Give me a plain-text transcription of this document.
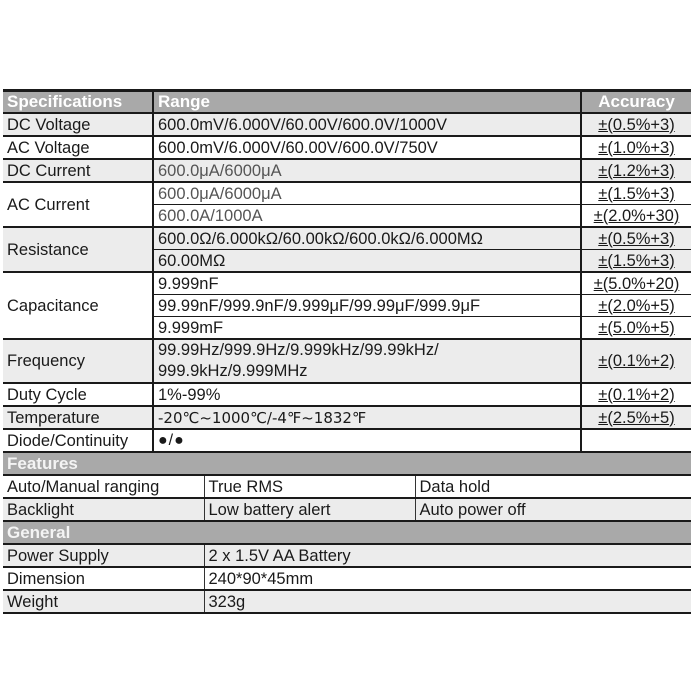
Specifications	Range	Accuracy
DC Voltage	600.0mV/6.000V/60.00V/600.0V/1000V	±(0.5%+3)
AC Voltage	600.0mV/6.000V/60.00V/600.0V/750V	±(1.0%+3)
DC Current	600.0μA/6000μA	±(1.2%+3)
AC Current	600.0μA/6000μA	±(1.5%+3)
	600.0A/1000A	±(2.0%+30)
Resistance	600.0Ω/6.000kΩ/60.00kΩ/600.0kΩ/6.000MΩ	±(0.5%+3)
	60.00MΩ	±(1.5%+3)
Capacitance	9.999nF	±(5.0%+20)
	99.99nF/999.9nF/9.999μF/99.99μF/999.9μF	±(2.0%+5)
	9.999mF	±(5.0%+5)
Frequency	99.99Hz/999.9Hz/9.999kHz/99.99kHz/
999.9kHz/9.999MHz	±(0.1%+2)
Duty Cycle	1%-99%	±(0.1%+2)
Temperature	-20℃~1000℃/-4℉~1832℉	±(2.5%+5)
Diode/Continuity	●/●	
Features		
Auto/Manual ranging	True RMS	Data hold
Backlight	Low battery alert	Auto power off
General	
Power Supply	2 x 1.5V AA Battery
Dimension	240*90*45mm
Weight	323g
